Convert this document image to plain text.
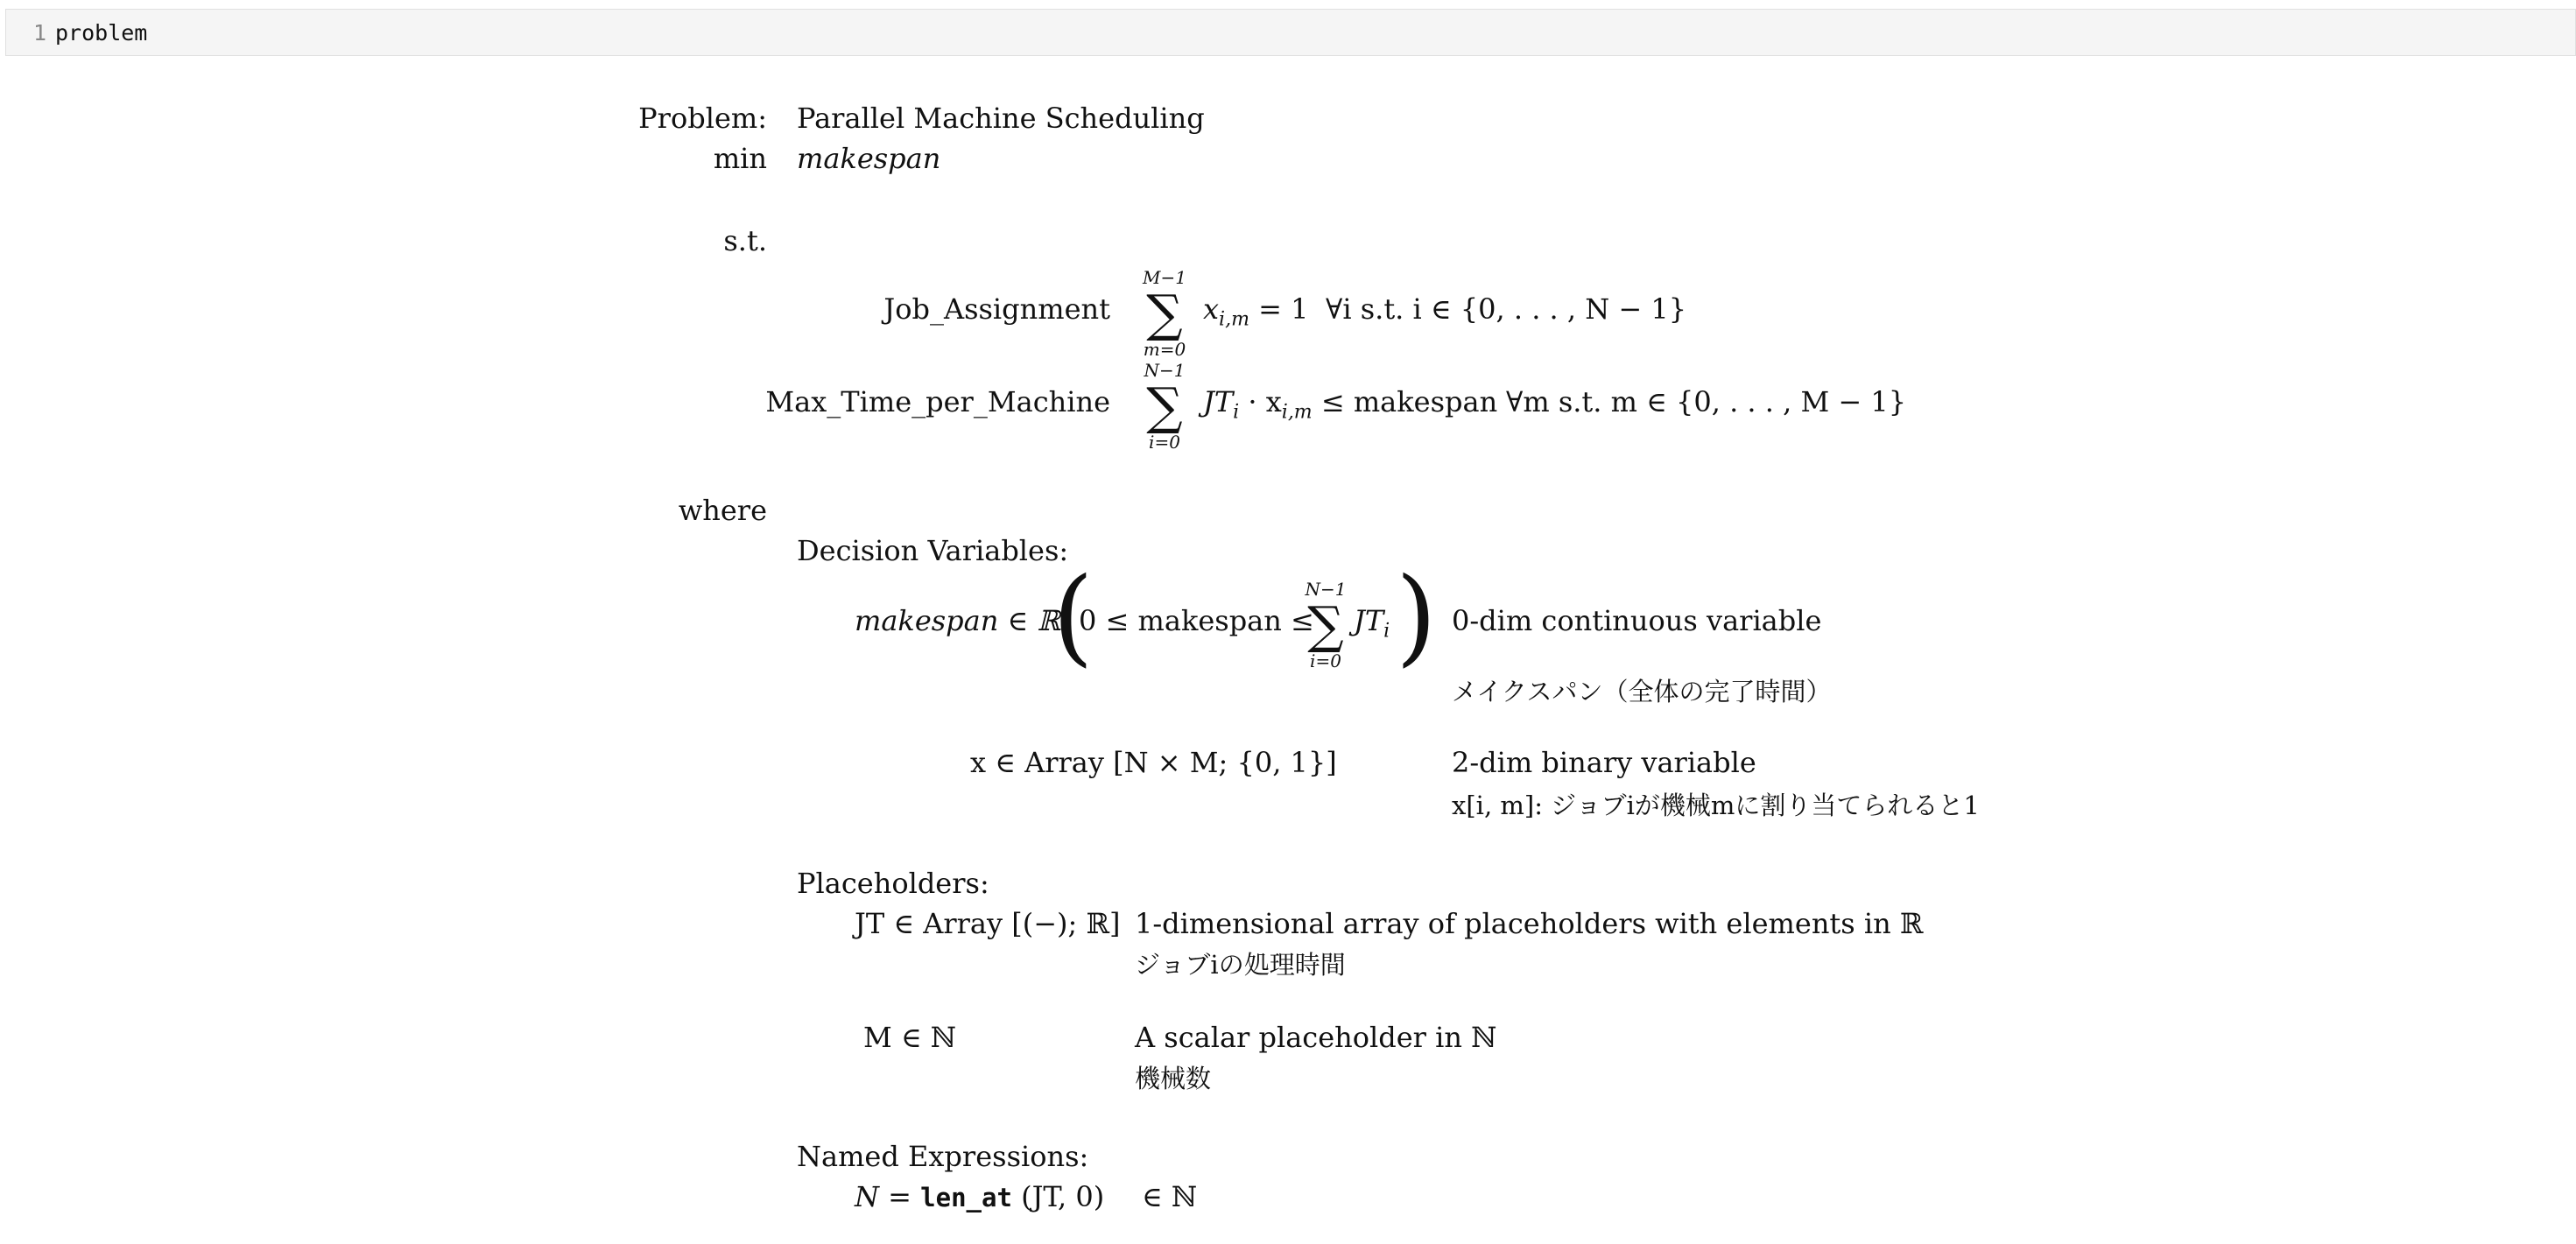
1 problem
Problem: Parallel Machine Scheduling
min makespan
s.t.
Job_Assignment
M−1
∑
m=0
$x_{i,m} = 1$ ∀i s.t. i ∈ {0, . . . , N − 1}
Max_Time_per_Machine
N−1
∑
i=0
$JT_i \cdot x_{i,m}$ ≤ makespan ∀m s.t. m ∈ {0, . . . , M − 1}
where
Decision Variables:
makespan ∈ ℝ
(
0 ≤ makespan ≤
N−1
∑
i=0
$JT_i$ ) 0-dim continuous variable
メイクスパン（全体の完了時間）
x ∈ Array [N × M; {0, 1}]	2-dim binary variable
x[i, m]: ジョブiが機械mに割り当てられると1
Placeholders:
JT ∈ Array [(−); ℝ] 1-dimensional array of placeholders with elements in ℝ
ジョブiの処理時間
M ∈ ℕ	A scalar placeholder in ℕ
機械数
Named Expressions:
N = len_at (JT, 0) ∈ ℕ
